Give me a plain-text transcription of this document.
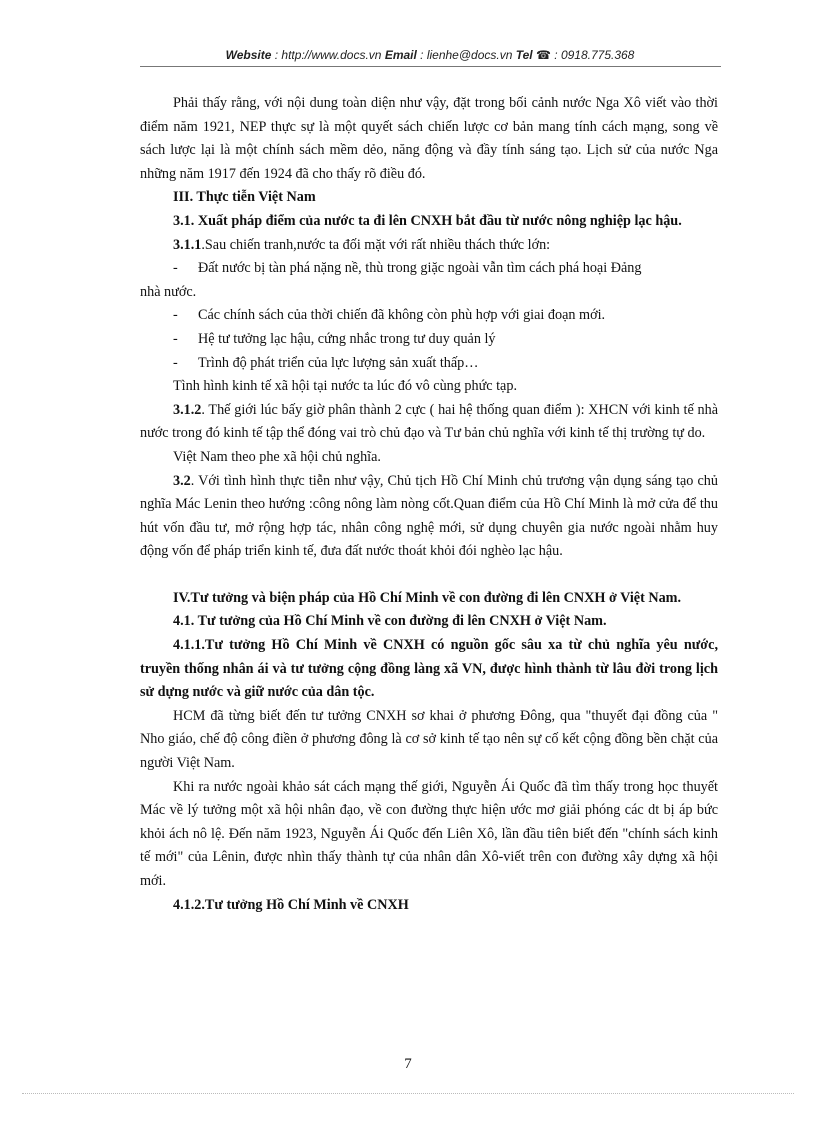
Website : http://www.docs.vn Email : lienhe@docs.vn Tel ☎ : 0918.775.368

Phải thấy rằng, với nội dung toàn diện như vậy, đặt trong bối cảnh nước Nga Xô viết vào thời điểm năm 1921, NEP thực sự là một quyết sách chiến lược cơ bản mang tính cách mạng, song về sách lược lại là một chính sách mềm dẻo, năng động và đầy tính sáng tạo. Lịch sử của nước Nga những năm 1917 đến 1924 đã cho thấy rõ điều đó.

III. Thực tiễn Việt Nam

3.1. Xuất pháp điểm của nước ta đi lên CNXH bắt đầu từ nước nông nghiệp lạc hậu.

3.1.1.Sau chiến tranh,nước ta đối mặt với rất nhiều thách thức lớn:

-	Đất nước bị tàn phá nặng nề, thù trong giặc ngoài vẫn tìm cách phá hoại Đảng

nhà nước.

-	Các chính sách của thời chiến đã không còn phù hợp với giai đoạn mới.
-	Hệ tư tưởng lạc hậu, cứng nhắc trong tư duy quản lý
-	Trình độ phát triển của lực lượng sản xuất thấp…

Tình hình kinh tế xã hội tại nước ta lúc đó vô cùng phức tạp.

3.1.2. Thế giới lúc bấy giờ phân thành 2 cực ( hai hệ thống quan điểm ): XHCN với kinh tế nhà nước trong đó kinh tế tập thể đóng vai trò chủ đạo và Tư bản chủ nghĩa với kinh tế thị trường tự do.

Việt Nam theo phe xã hội chủ nghĩa.

3.2. Với tình hình thực tiễn như vậy, Chủ tịch Hồ Chí Minh chủ trương vận dụng sáng tạo chủ nghĩa Mác Lenin theo hướng :công nông làm nòng cốt.Quan điểm của Hồ Chí Minh là mở cửa để thu hút vốn đầu tư, mở rộng hợp tác, nhân công nghệ mới, sử dụng chuyên gia nước ngoài nhằm huy động vốn để pháp triển kinh tế, đưa đất nước thoát khỏi đói nghèo lạc hậu.

IV.Tư tưởng và biện pháp của Hồ Chí Minh về con đường đi lên CNXH ở Việt Nam.

4.1. Tư tưởng của Hồ Chí Minh về con đường đi lên CNXH ở Việt Nam.

4.1.1.Tư tưởng Hồ Chí Minh về CNXH có nguồn gốc sâu xa từ chủ nghĩa yêu nước, truyền thống nhân ái và tư tưởng cộng đồng làng xã VN, được hình thành từ lâu đời trong lịch sử dựng nước và giữ nước của dân tộc.

HCM đã từng biết đến tư tưởng CNXH sơ khai ở phương Đông, qua "thuyết đại đồng của " Nho giáo, chế độ công điền ở phương đông là cơ sở kinh tế tạo nên sự cố kết cộng đồng bền chặt của người Việt Nam.

Khi ra nước ngoài khảo sát cách mạng thế giới, Nguyễn Ái Quốc đã tìm thấy trong học thuyết Mác về lý tưởng một xã hội nhân đạo, về con đường thực hiện ước mơ giải phóng các dt bị áp bức khỏi ách nô lệ. Đến năm 1923, Nguyễn Ái Quốc đến Liên Xô, lần đầu tiên biết đến "chính sách kinh tế mới" của Lênin, được nhìn thấy thành tự của nhân dân Xô-viết trên con đường xây dựng xã hội mới.

4.1.2.Tư tưởng Hồ Chí Minh về CNXH

7
